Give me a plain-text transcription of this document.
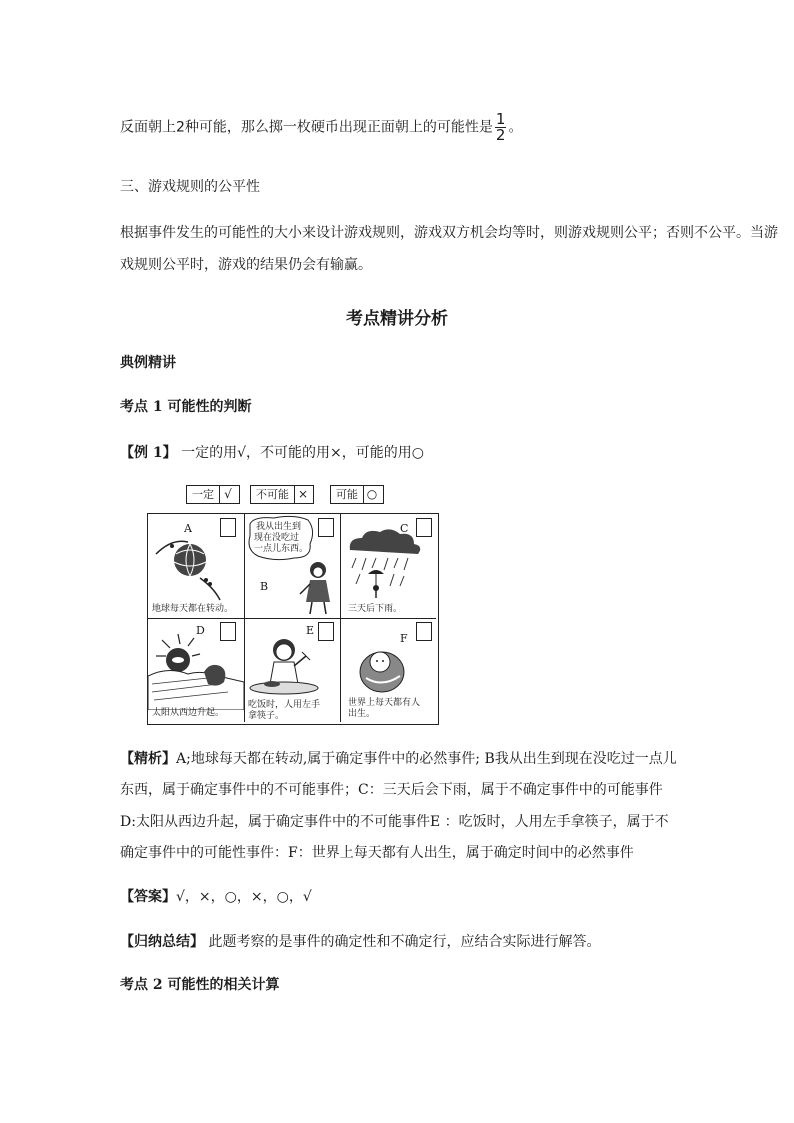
反面朝上2种可能，那么掷一枚硬币出现正面朝上的可能性是 $\frac{1}{2}$ 。
三、游戏规则的公平性
根据事件发生的可能性的大小来设计游戏规则，游戏双方机会均等时，则游戏规则公平；否则不公平。当游
戏规则公平时，游戏的结果仍会有输赢。
考点精讲分析
典例精讲
考点 1 可能性的判断
【例 1】 一定的用√，不可能的用×，可能的用○
一定 √	不可能 ×	可能 ○
A
地球每天都在转动。
我从出生到
现在没吃过
一点儿东西。
B
C
三天后下雨。
D
太阳从西边升起。
E
吃饭时，人用左手
拿筷子。
F
世界上每天都有人
出生。
【精析】A;地球每天都在转动,属于确定事件中的必然事件; B我从出生到现在没吃过一点儿
东西，属于确定事件中的不可能事件；C：三天后会下雨，属于不确定事件中的可能事件
D:太阳从西边升起，属于确定事件中的不可能事件E ：吃饭时，人用左手拿筷子，属于不
确定事件中的可能性事件：F：世界上每天都有人出生，属于确定时间中的必然事件
【答案】√，×，○，×，○，√
【归纳总结】 此题考察的是事件的确定性和不确定行，应结合实际进行解答。
考点 2 可能性的相关计算
